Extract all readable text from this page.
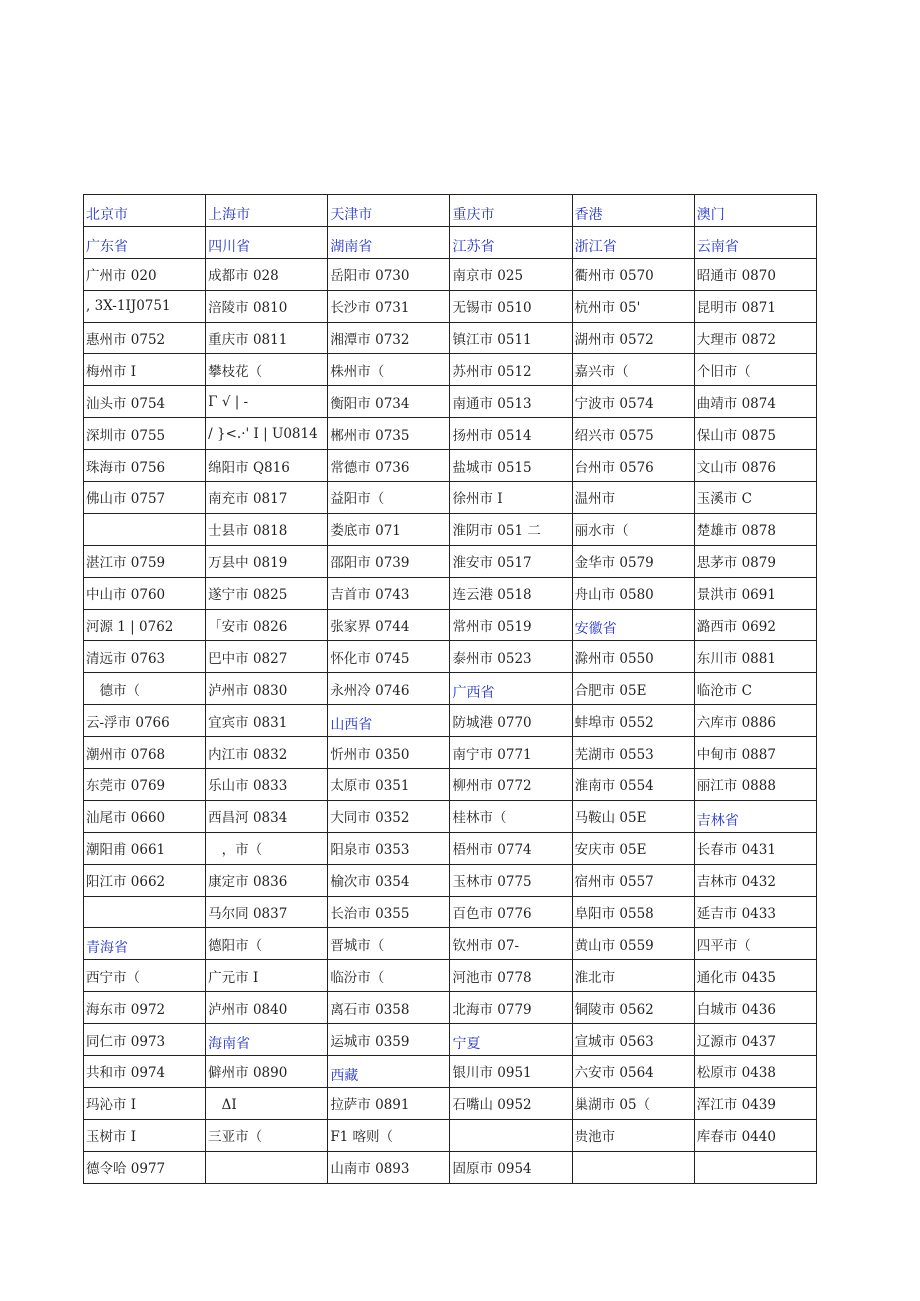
北京市	上海市	天津市	重庆市	香港	澳门
广东省	四川省	湖南省	江苏省	浙江省	云南省
广州市 020	成都市 028	岳阳市 0730	南京市 025	衢州市 0570	昭通市 0870
, 3X-1IJ0751	涪陵市 0810	长沙市 0731	无锡市 0510	杭州市 05'	昆明市 0871
惠州市 0752	重庆市 0811	湘潭市 0732	镇江市 0511	湖州市 0572	大理市 0872
梅州市 I	攀枝花（	株州市（	苏州市 0512	嘉兴市（	个旧市（
汕头市 0754	Γ √ | -	衡阳市 0734	南通市 0513	宁波市 0574	曲靖市 0874
深圳市 0755	/ }<.·' I | U0814	郴州市 0735	扬州市 0514	绍兴市 0575	保山市 0875
珠海市 0756	绵阳市 Q816	常德市 0736	盐城市 0515	台州市 0576	文山市 0876
佛山市 0757	南充市 0817	益阳市（	徐州市 I	温州市	玉溪市 C
	士县市 0818	娄底市 071	淮阴市 051 二	丽水市（	楚雄市 0878
湛江市 0759	万县中 0819	邵阳市 0739	淮安市 0517	金华市 0579	思茅市 0879
中山市 0760	遂宁市 0825	吉首市 0743	连云港 0518	舟山市 0580	景洪市 0691
河源 1 | 0762	「安市 0826	张家界 0744	常州市 0519	安徽省	潞西市 0692
清远市 0763	巴中市 0827	怀化市 0745	泰州市 0523	滁州市 0550	东川市 0881
　德市（	泸州市 0830	永州冷 0746	广西省	合肥市 05E	临沧市 C
云-浮市 0766	宜宾市 0831	山西省	防城港 0770	蚌埠市 0552	六库市 0886
潮州市 0768	内江市 0832	忻州市 0350	南宁市 0771	芜湖市 0553	中甸市 0887
东莞市 0769	乐山市 0833	太原市 0351	柳州市 0772	淮南市 0554	丽江市 0888
汕尾市 0660	西昌河 0834	大同市 0352	桂林市（	马鞍山 05E	吉林省
潮阳甫 0661	　，市（	阳泉市 0353	梧州市 0774	安庆市 05E	长春市 0431
阳江市 0662	康定市 0836	榆次市 0354	玉林市 0775	宿州市 0557	吉林市 0432
	马尔同 0837	长治市 0355	百色市 0776	阜阳市 0558	延吉市 0433
青海省	德阳市（	晋城市（	钦州市 07-	黄山市 0559	四平市（
西宁市（	广元市 I	临汾市（	河池市 0778	淮北市	通化市 0435
海东市 0972	泸州市 0840	离石市 0358	北海市 0779	铜陵市 0562	白城市 0436
同仁市 0973	海南省	运城市 0359	宁夏	宣城市 0563	辽源市 0437
共和市 0974	僻州市 0890	西藏	银川市 0951	六安市 0564	松原市 0438
玛沁市 I	　ΔI	拉萨市 0891	石嘴山 0952	巢湖市 05（	浑江市 0439
玉树市 I	三亚市（	F1 喀则（		贵池市	库春市 0440
德令哈 0977		山南市 0893	固原市 0954		
